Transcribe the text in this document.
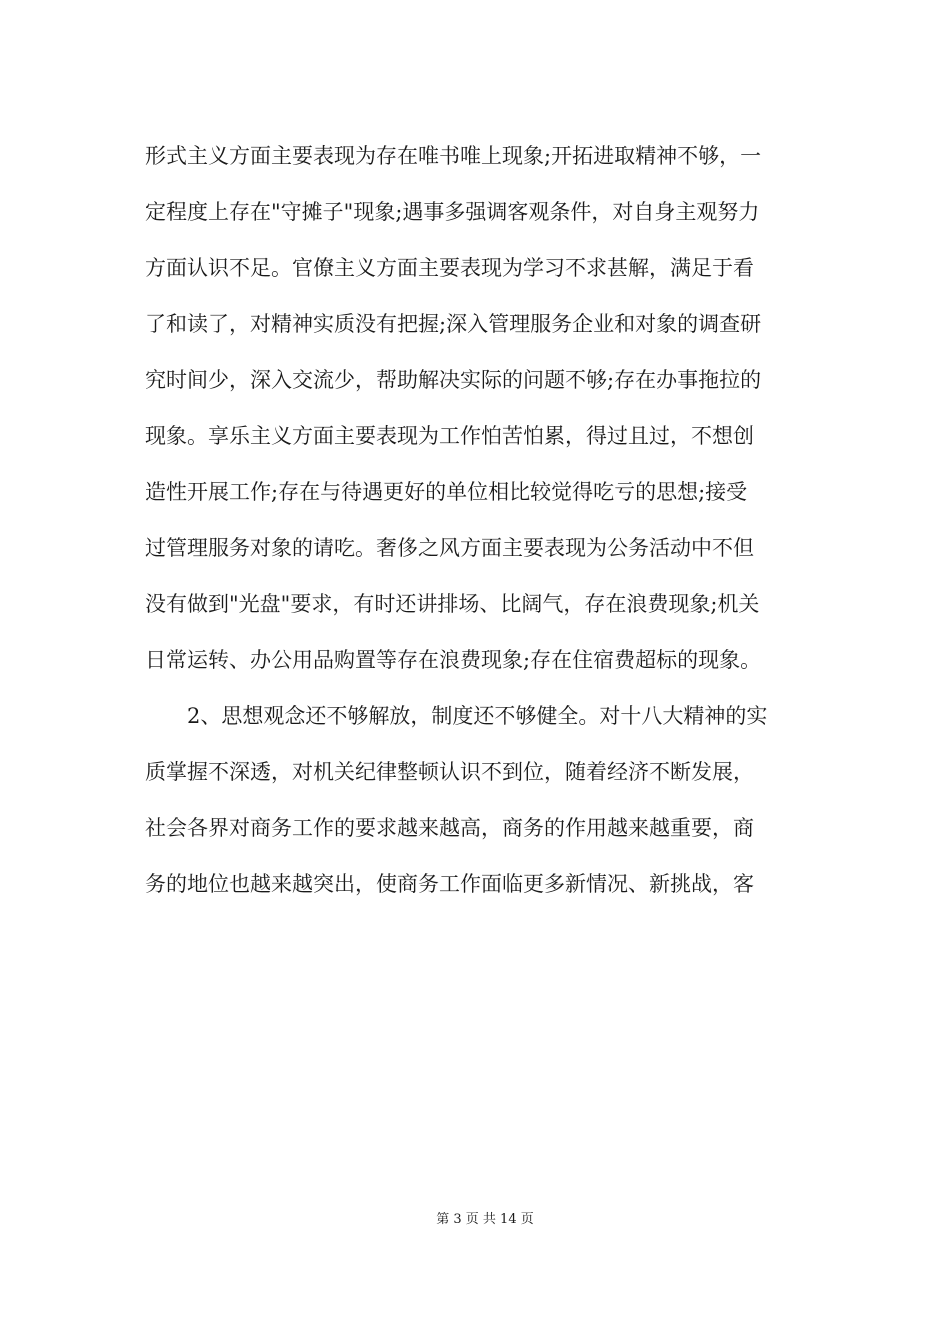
形式主义方面主要表现为存在唯书唯上现象;开拓进取精神不够，一
定程度上存在"守摊子"现象;遇事多强调客观条件，对自身主观努力
方面认识不足。官僚主义方面主要表现为学习不求甚解，满足于看
了和读了，对精神实质没有把握;深入管理服务企业和对象的调查研
究时间少，深入交流少，帮助解决实际的问题不够;存在办事拖拉的
现象。享乐主义方面主要表现为工作怕苦怕累，得过且过，不想创
造性开展工作;存在与待遇更好的单位相比较觉得吃亏的思想;接受
过管理服务对象的请吃。奢侈之风方面主要表现为公务活动中不但
没有做到"光盘"要求，有时还讲排场、比阔气，存在浪费现象;机关
日常运转、办公用品购置等存在浪费现象;存在住宿费超标的现象。
　　2、思想观念还不够解放，制度还不够健全。对十八大精神的实
质掌握不深透，对机关纪律整顿认识不到位，随着经济不断发展，
社会各界对商务工作的要求越来越高，商务的作用越来越重要，商
务的地位也越来越突出，使商务工作面临更多新情况、新挑战，客
第 3 页 共 14 页
